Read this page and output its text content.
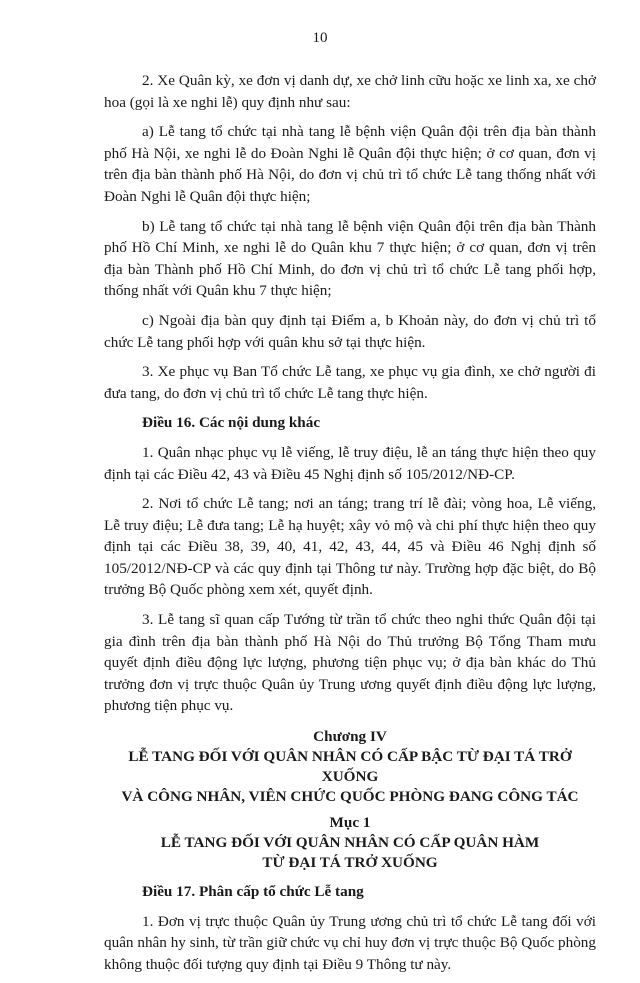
10

2. Xe Quân kỳ, xe đơn vị danh dự, xe chở linh cữu hoặc xe linh xa, xe chở hoa (gọi là xe nghi lễ) quy định như sau:

a) Lễ tang tổ chức tại nhà tang lễ bệnh viện Quân đội trên địa bàn thành phố Hà Nội, xe nghi lễ do Đoàn Nghi lễ Quân đội thực hiện; ở cơ quan, đơn vị trên địa bàn thành phố Hà Nội, do đơn vị chủ trì tổ chức Lễ tang thống nhất với Đoàn Nghi lễ Quân đội thực hiện;

b) Lễ tang tổ chức tại nhà tang lễ bệnh viện Quân đội trên địa bàn Thành phố Hồ Chí Minh, xe nghi lễ do Quân khu 7 thực hiện; ở cơ quan, đơn vị trên địa bàn Thành phố Hồ Chí Minh, do đơn vị chủ trì tổ chức Lễ tang phối hợp, thống nhất với Quân khu 7 thực hiện;

c) Ngoài địa bàn quy định tại Điểm a, b Khoản này, do đơn vị chủ trì tổ chức Lễ tang phối hợp với quân khu sở tại thực hiện.

3. Xe phục vụ Ban Tổ chức Lễ tang, xe phục vụ gia đình, xe chở người đi đưa tang, do đơn vị chủ trì tổ chức Lễ tang thực hiện.

Điều 16. Các nội dung khác

1. Quân nhạc phục vụ lễ viếng, lễ truy điệu, lễ an táng thực hiện theo quy định tại các Điều 42, 43 và Điều 45 Nghị định số 105/2012/NĐ-CP.

2. Nơi tổ chức Lễ tang; nơi an táng; trang trí lễ đài; vòng hoa, Lễ viếng, Lễ truy điệu; Lễ đưa tang; Lễ hạ huyệt; xây vỏ mộ và chi phí thực hiện theo quy định tại các Điều 38, 39, 40, 41, 42, 43, 44, 45 và Điều 46 Nghị định số 105/2012/NĐ-CP và các quy định tại Thông tư này. Trường hợp đặc biệt, do Bộ trưởng Bộ Quốc phòng xem xét, quyết định.

3. Lễ tang sĩ quan cấp Tướng từ trần tổ chức theo nghi thức Quân đội tại gia đình trên địa bàn thành phố Hà Nội do Thủ trưởng Bộ Tổng Tham mưu quyết định điều động lực lượng, phương tiện phục vụ; ở địa bàn khác do Thủ trưởng đơn vị trực thuộc Quân ủy Trung ương quyết định điều động lực lượng, phương tiện phục vụ.

Chương IV

LỄ TANG ĐỐI VỚI QUÂN NHÂN CÓ CẤP BẬC TỪ ĐẠI TÁ TRỞ XUỐNG

VÀ CÔNG NHÂN, VIÊN CHỨC QUỐC PHÒNG ĐANG CÔNG TÁC

Mục 1

LỄ TANG ĐỐI VỚI QUÂN NHÂN CÓ CẤP QUÂN HÀM

TỪ ĐẠI TÁ TRỞ XUỐNG

Điều 17. Phân cấp tổ chức Lễ tang

1. Đơn vị trực thuộc Quân ủy Trung ương chủ trì tổ chức Lễ tang đối với quân nhân hy sinh, từ trần giữ chức vụ chỉ huy đơn vị trực thuộc Bộ Quốc phòng không thuộc đối tượng quy định tại Điều 9 Thông tư này.
